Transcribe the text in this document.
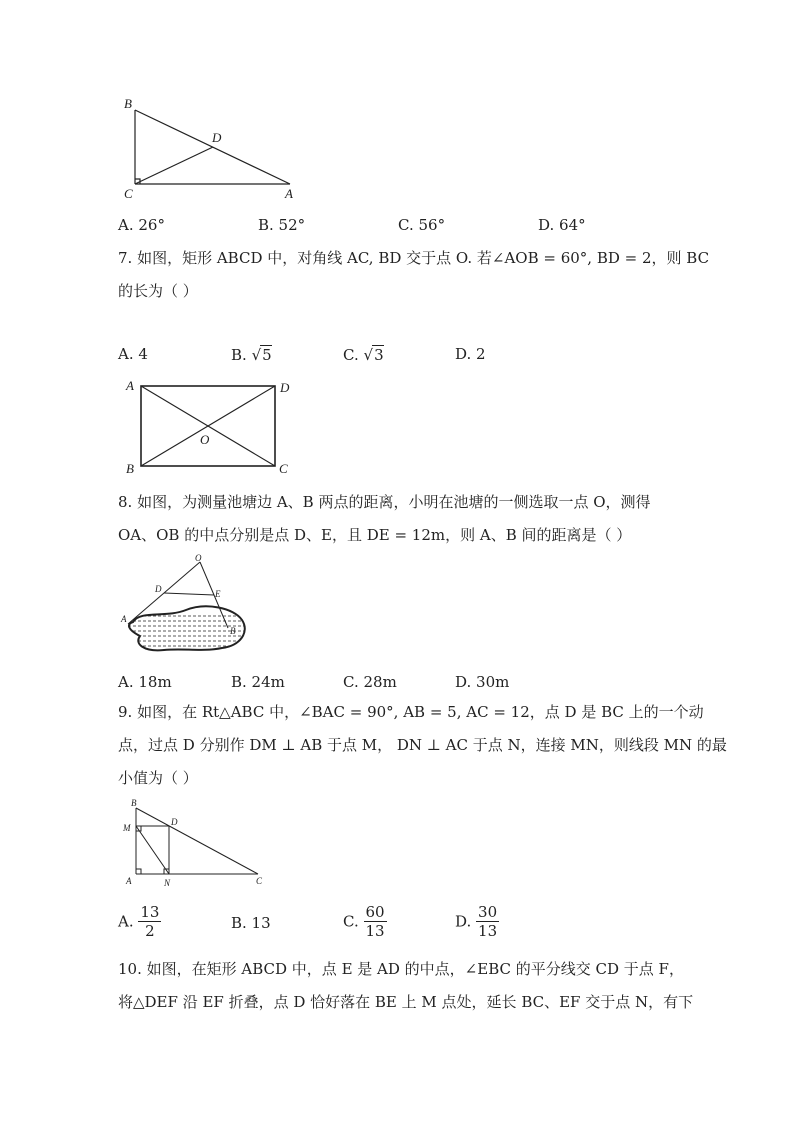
B
C
D
A
A. 26°	B. 52°	C. 56°	D. 64°
7. 如图，矩形 ABCD 中，对角线 AC, BD 交于点 O. 若∠AOB = 60°, BD = 2，则 BC
的长为（ ）
A. 4	B. √5	C. √3	D. 2
A	D
O
B	C
8. 如图，为测量池塘边 A、B 两点的距离，小明在池塘的一侧选取一点 O，测得
OA、OB 的中点分别是点 D、E，且 DE = 12m，则 A、B 间的距离是（ ）
O
D	E
A
B
A. 18m	B. 24m	C. 28m	D. 30m
9. 如图，在 Rt△ABC 中，∠BAC = 90°, AB = 5, AC = 12，点 D 是 BC 上的一个动
点，过点 D 分别作 DM ⊥ AB 于点 M， DN ⊥ AC 于点 N，连接 MN，则线段 MN 的最
小值为（ ）
B
M
D
A	N	C
A. $\frac{13}{2}$	B. 13	C. $\frac{60}{13}$	D. $\frac{30}{13}$
10. 如图，在矩形 ABCD 中，点 E 是 AD 的中点，∠EBC 的平分线交 CD 于点 F，
将△DEF 沿 EF 折叠，点 D 恰好落在 BE 上 M 点处，延长 BC、EF 交于点 N，有下
